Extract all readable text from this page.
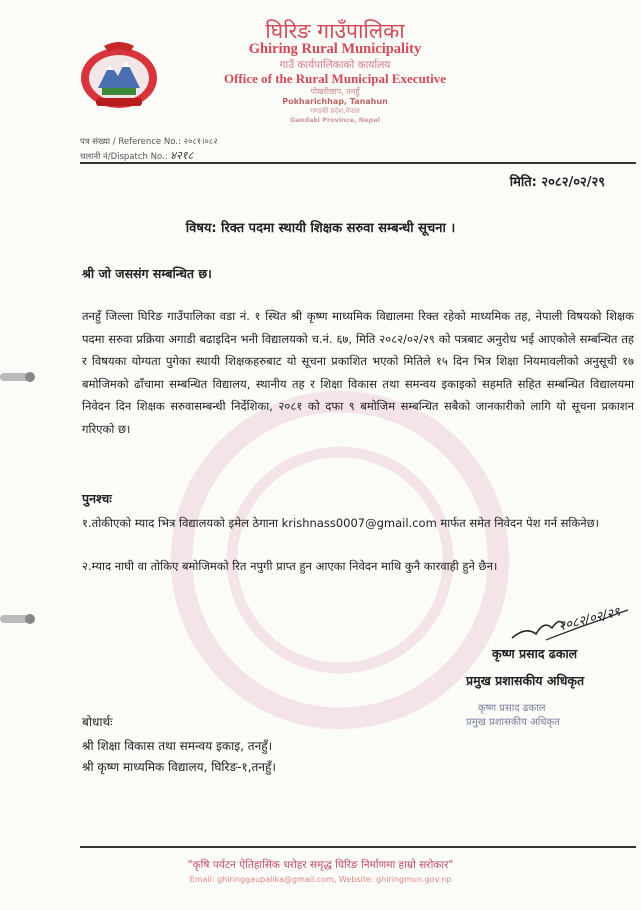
घिरिङ गाउँपालिका
Ghiring Rural Municipality
गाउँ कार्यपालिकाको कार्यालय
Office of the Rural Municipal Executive
पोखरीछाप, तनहुँ
Pokharichhap, Tanahun
गण्डकी प्रदेश,नेपाल
Gandaki Province, Nepal
पत्र संख्या / Reference No.: २०८१।०८२
चलानी नं/Dispatch No.: ४२१८
मिति: २०८२/०२/२९
विषय: रिक्त पदमा स्थायी शिक्षक सरुवा सम्बन्धी सूचना ।
श्री जो जससंग सम्बन्धित छ।
तनहुँ जिल्ला घिरिङ गाउँपालिका वडा नं. १ स्थित श्री कृष्ण माध्यमिक विद्यालमा रिक्त रहेको माध्यमिक तह, नेपाली विषयको शिक्षक पदमा सरुवा प्रक्रिया अगाडी बढाइदिन भनी विद्यालयको च.नं. ६७, मिति २०८२/०२/२९ को पत्रबाट अनुरोध भई आएकोले सम्बन्धित तह र विषयका योग्यता पुगेका स्थायी शिक्षकहरुबाट यो सूचना प्रकाशित भएको मितिले १५ दिन भित्र शिक्षा नियमावलीको अनुसूची १७ बमोजिमको ढाँचामा सम्बन्धित विद्यालय, स्थानीय तह र शिक्षा विकास तथा समन्वय इकाइको सहमति सहित सम्बन्धित विद्यालयमा निवेदन दिन शिक्षक सरुवासम्बन्धी निर्देशिका, २०८१ को दफा ९ बमोजिम सम्बन्धित सबैको जानकारीको लागि यो सूचना प्रकाशन गरिएको छ।
पुनश्चः
१.तोकीएको म्याद भित्र विद्यालयको इमेल ठेगाना krishnass0007@gmail.com मार्फत समेत निवेदन पेश गर्न सकिनेछ।
२.म्याद नाघी वा तोकिए बमोजिमको रित नपुगी प्राप्त हुन आएका निवेदन माथि कुनै कारवाही हुने छैन।
२०८२/०२/२९
कृष्ण प्रसाद ढकाल
प्रमुख प्रशासकीय अधिकृत
कृष्ण प्रसाद ढकाल
प्रमुख प्रशासकीय अधिकृत
बोधार्थः
श्री शिक्षा विकास तथा समन्वय इकाइ, तनहुँ।
श्री कृष्ण माध्यमिक विद्यालय, घिरिङ-१,तनहुँ।
"कृषि पर्यटन ऐतिहासिक धरोहर समृद्ध घिरिङ निर्माणमा हाम्रो सरोकार"
Email: ghiringgaupalika@gmail.com, Website: ghiringmun.gov.np
